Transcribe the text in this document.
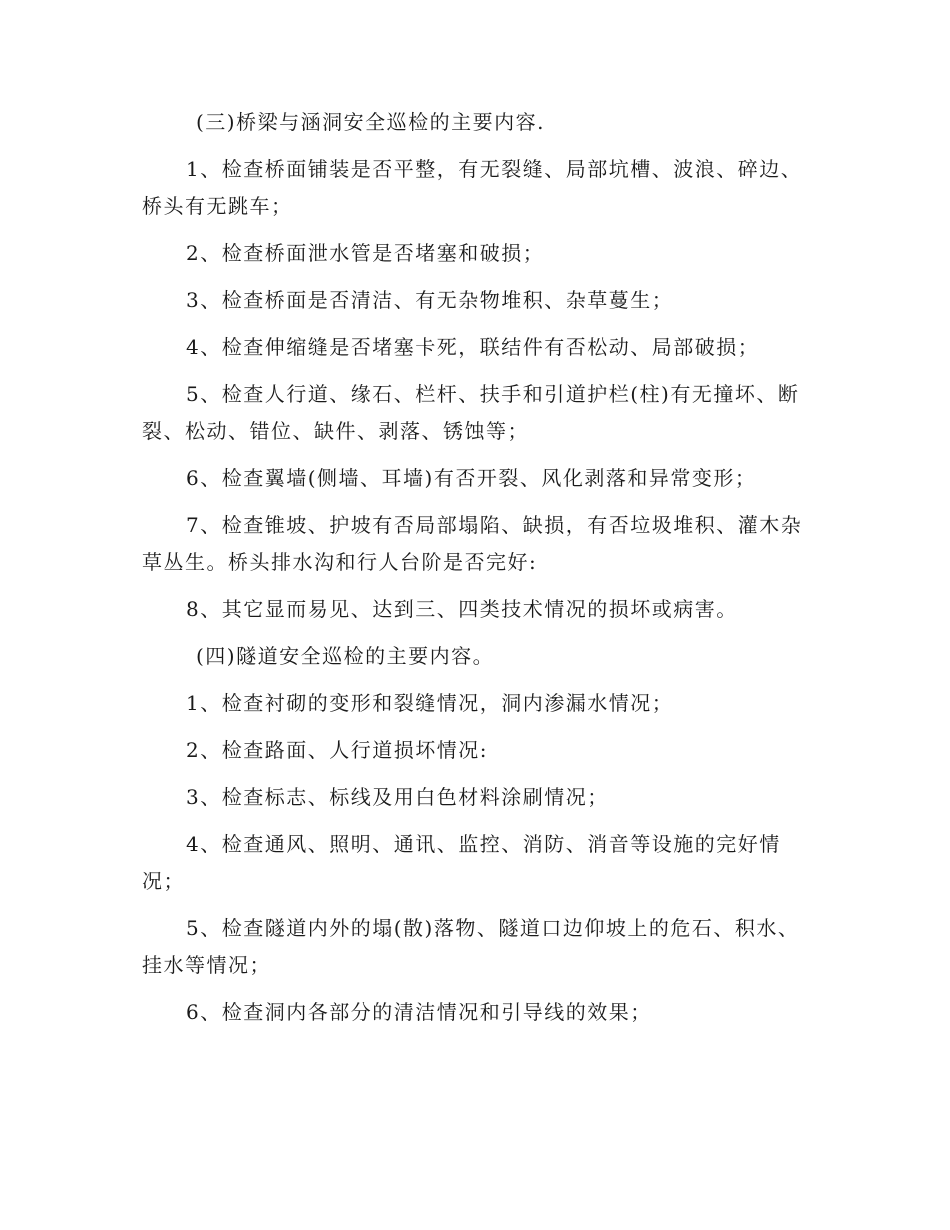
(三)桥梁与涵洞安全巡检的主要内容.

1、检查桥面铺装是否平整，有无裂缝、局部坑槽、波浪、碎边、桥头有无跳车；

2、检查桥面泄水管是否堵塞和破损；

3、检查桥面是否清洁、有无杂物堆积、杂草蔓生；

4、检查伸缩缝是否堵塞卡死，联结件有否松动、局部破损；

5、检查人行道、缘石、栏杆、扶手和引道护栏(柱)有无撞坏、断裂、松动、错位、缺件、剥落、锈蚀等；

6、检查翼墙(侧墙、耳墙)有否开裂、风化剥落和异常变形；

7、检查锥坡、护坡有否局部塌陷、缺损，有否垃圾堆积、灌木杂草丛生。桥头排水沟和行人台阶是否完好:

8、其它显而易见、达到三、四类技术情况的损坏或病害。

(四)隧道安全巡检的主要内容。

1、检查衬砌的变形和裂缝情况，洞内渗漏水情况；

2、检查路面、人行道损坏情况:

3、检查标志、标线及用白色材料涂刷情况；

4、检查通风、照明、通讯、监控、消防、消音等设施的完好情况；

5、检查隧道内外的塌(散)落物、隧道口边仰坡上的危石、积水、挂水等情况；

6、检查洞内各部分的清洁情况和引导线的效果；
